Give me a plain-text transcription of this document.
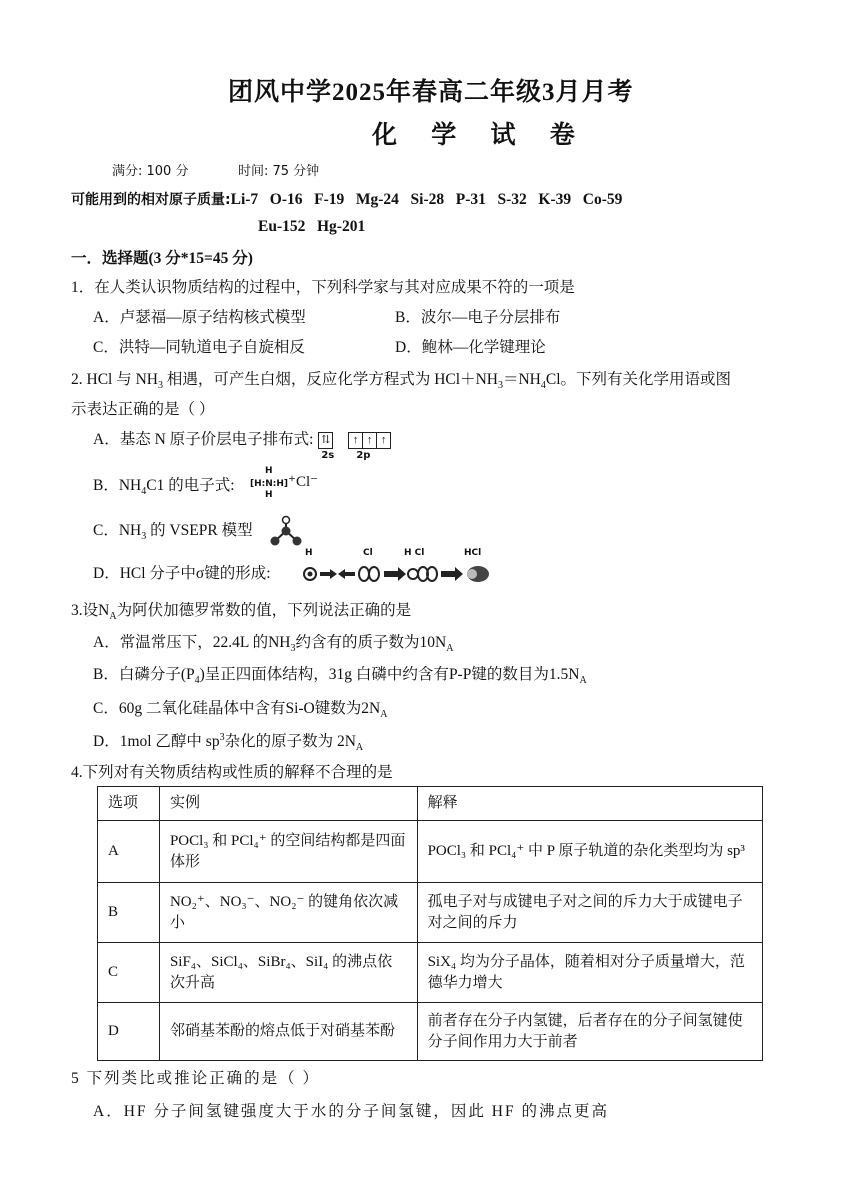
团风中学2025年春高二年级3月月考
化 学 试 卷
满分: 100 分	时间: 75 分钟
可能用到的相对原子质量:Li-7   O-16   F-19   Mg-24   Si-28   P-31   S-32   K-39   Co-59
Eu-152   Hg-201
一．选择题(3 分*15=45 分)
1．在人类认识物质结构的过程中，下列科学家与其对应成果不符的一项是
A．卢瑟福—原子结构核式模型	B．波尔—电子分层排布
C．洪特—同轨道电子自旋相反	D．鲍林—化学键理论
2. HCl 与 $NH_3$ 相遇，可产生白烟，反应化学方程式为 $HCl+NH_3=NH_4Cl$。下列有关化学用语或图
示表达正确的是（ ）
A．基态 N 原子价层电子排布式: ⇅ ↑ ↑ ↑
2s 2p
B．$NH_4C1$ 的电子式:
H
[H:N:H]⁺Cl⁻
H
C．$NH_3$ 的 VSEPR 模型
D．HCl 分子中σ键的形成:
H	Cl	H Cl	HCl
3.设$N_A$为阿伏加德罗常数的值，下列说法正确的是
A．常温常压下，22.4L 的$NH_3$约含有的质子数为$10N_A$
B．白磷分子$(P_4)$呈正四面体结构，31g 白磷中约含有P-P键的数目为$1.5N_A$
C．60g 二氧化硅晶体中含有Si-O键数为$2N_A$
D．1mol 乙醇中 $sp^3$杂化的原子数为 $2N_A$
4.下列对有关物质结构或性质的解释不合理的是
选项	实例	解释
A	POCl₃ 和 PCl₄⁺ 的空间结构都是四面体形	POCl₃ 和 PCl₄⁺ 中 P 原子轨道的杂化类型均为 sp³
B	NO₂⁺、NO₃⁻、NO₂⁻ 的键角依次减小	孤电子对与成键电子对之间的斥力大于成键电子对之间的斥力
C	SiF₄、SiCl₄、SiBr₄、SiI₄ 的沸点依次升高	SiX₄ 均为分子晶体，随着相对分子质量增大，范德华力增大
D	邻硝基苯酚的熔点低于对硝基苯酚	前者存在分子内氢键，后者存在的分子间氢键使分子间作用力大于前者
5 下列类比或推论正确的是（ ）
A．HF 分子间氢键强度大于水的分子间氢键，因此 HF 的沸点更高
